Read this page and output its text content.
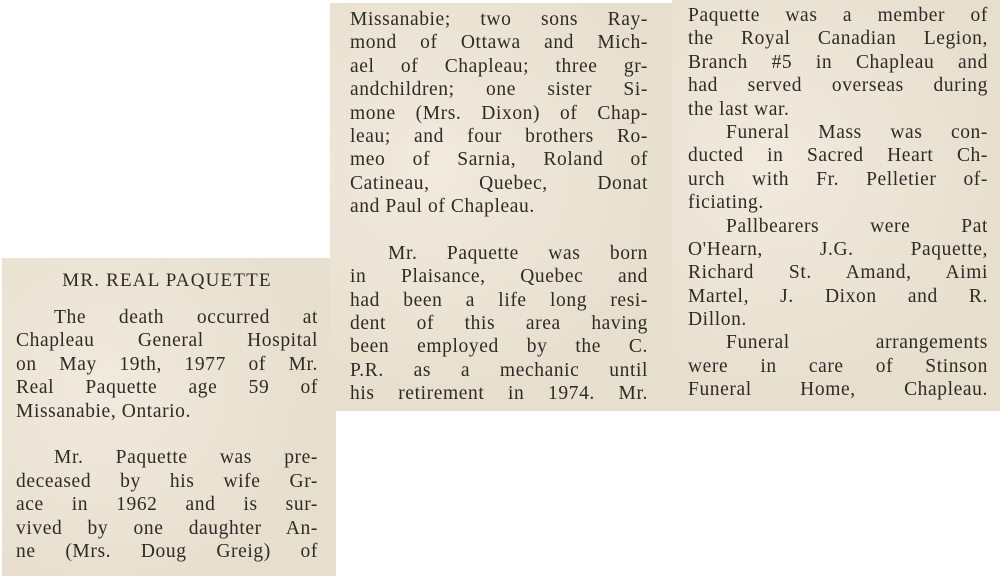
MR. REAL PAQUETTE
The death occurred at
Chapleau General Hospital
on May 19th, 1977 of Mr.
Real Paquette age 59 of
Missanabie, Ontario.
Mr. Paquette was pre-
deceased by his wife Gr-
ace in 1962 and is sur-
vived by one daughter An-
ne (Mrs. Doug Greig) of
Missanabie; two sons Ray-
mond of Ottawa and Mich-
ael of Chapleau; three gr-
andchildren; one sister Si-
mone (Mrs. Dixon) of Chap-
leau; and four brothers Ro-
meo of Sarnia, Roland of
Catineau, Quebec, Donat
and Paul of Chapleau.
Mr. Paquette was born
in Plaisance, Quebec and
had been a life long resi-
dent of this area having
been employed by the C.
P.R. as a mechanic until
his retirement in 1974. Mr.
Paquette was a member of
the Royal Canadian Legion,
Branch #5 in Chapleau and
had served overseas during
the last war.
Funeral Mass was con-
ducted in Sacred Heart Ch-
urch with Fr. Pelletier of-
ficiating.
Pallbearers were Pat
O'Hearn, J.G. Paquette,
Richard St. Amand, Aimi
Martel, J. Dixon and R.
Dillon.
Funeral arrangements
were in care of Stinson
Funeral Home, Chapleau.
